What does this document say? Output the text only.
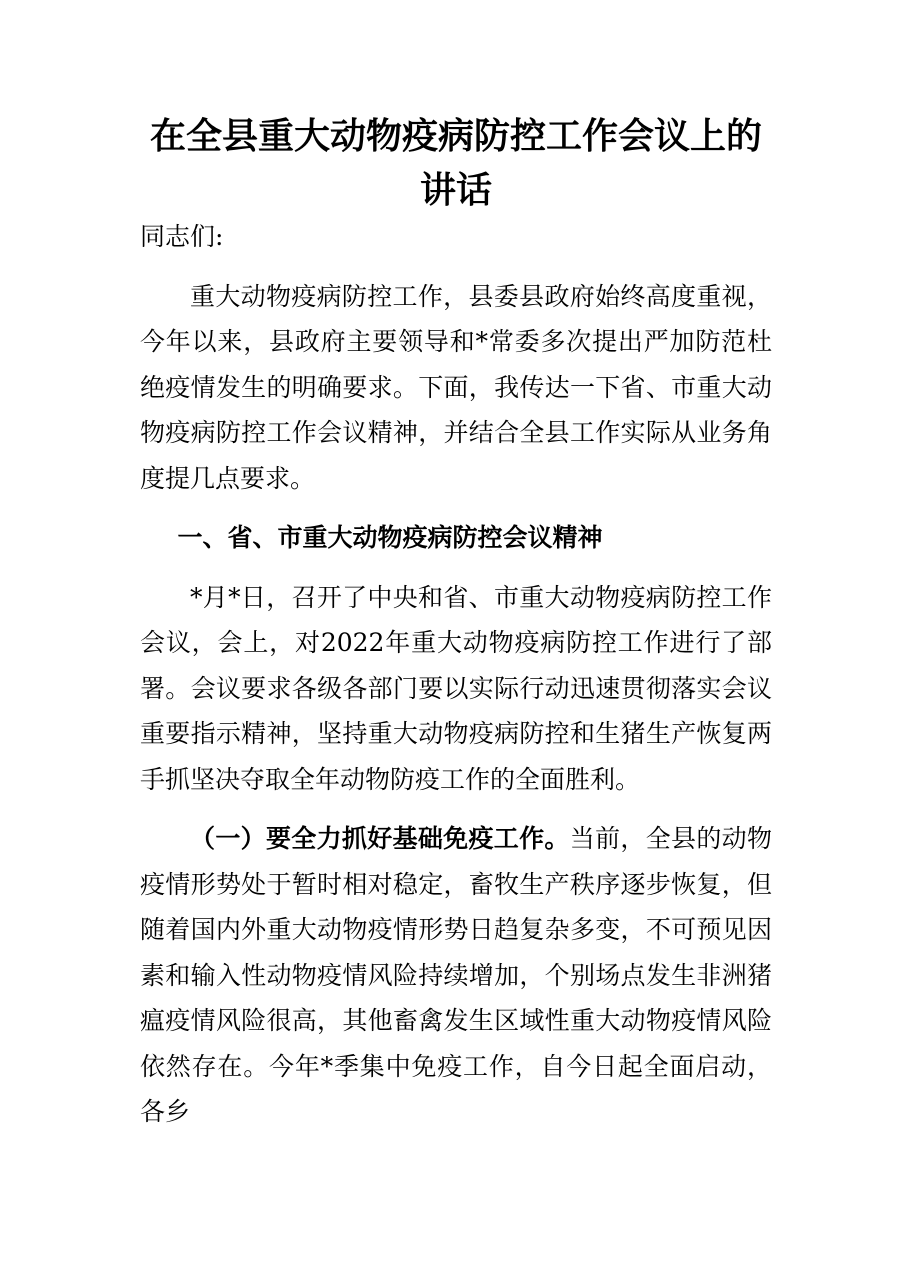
在全县重大动物疫病防控工作会议上的讲话

同志们:

重大动物疫病防控工作，县委县政府始终高度重视，今年以来，县政府主要领导和*常委多次提出严加防范杜绝疫情发生的明确要求。下面，我传达一下省、市重大动物疫病防控工作会议精神，并结合全县工作实际从业务角度提几点要求。

一、省、市重大动物疫病防控会议精神

*月*日，召开了中央和省、市重大动物疫病防控工作会议，会上，对2022年重大动物疫病防控工作进行了部署。会议要求各级各部门要以实际行动迅速贯彻落实会议重要指示精神，坚持重大动物疫病防控和生猪生产恢复两手抓坚决夺取全年动物防疫工作的全面胜利。

（一）要全力抓好基础免疫工作。当前，全县的动物疫情形势处于暂时相对稳定，畜牧生产秩序逐步恢复，但随着国内外重大动物疫情形势日趋复杂多变，不可预见因素和输入性动物疫情风险持续增加，个别场点发生非洲猪瘟疫情风险很高，其他畜禽发生区域性重大动物疫情风险依然存在。今年*季集中免疫工作，自今日起全面启动，各乡
